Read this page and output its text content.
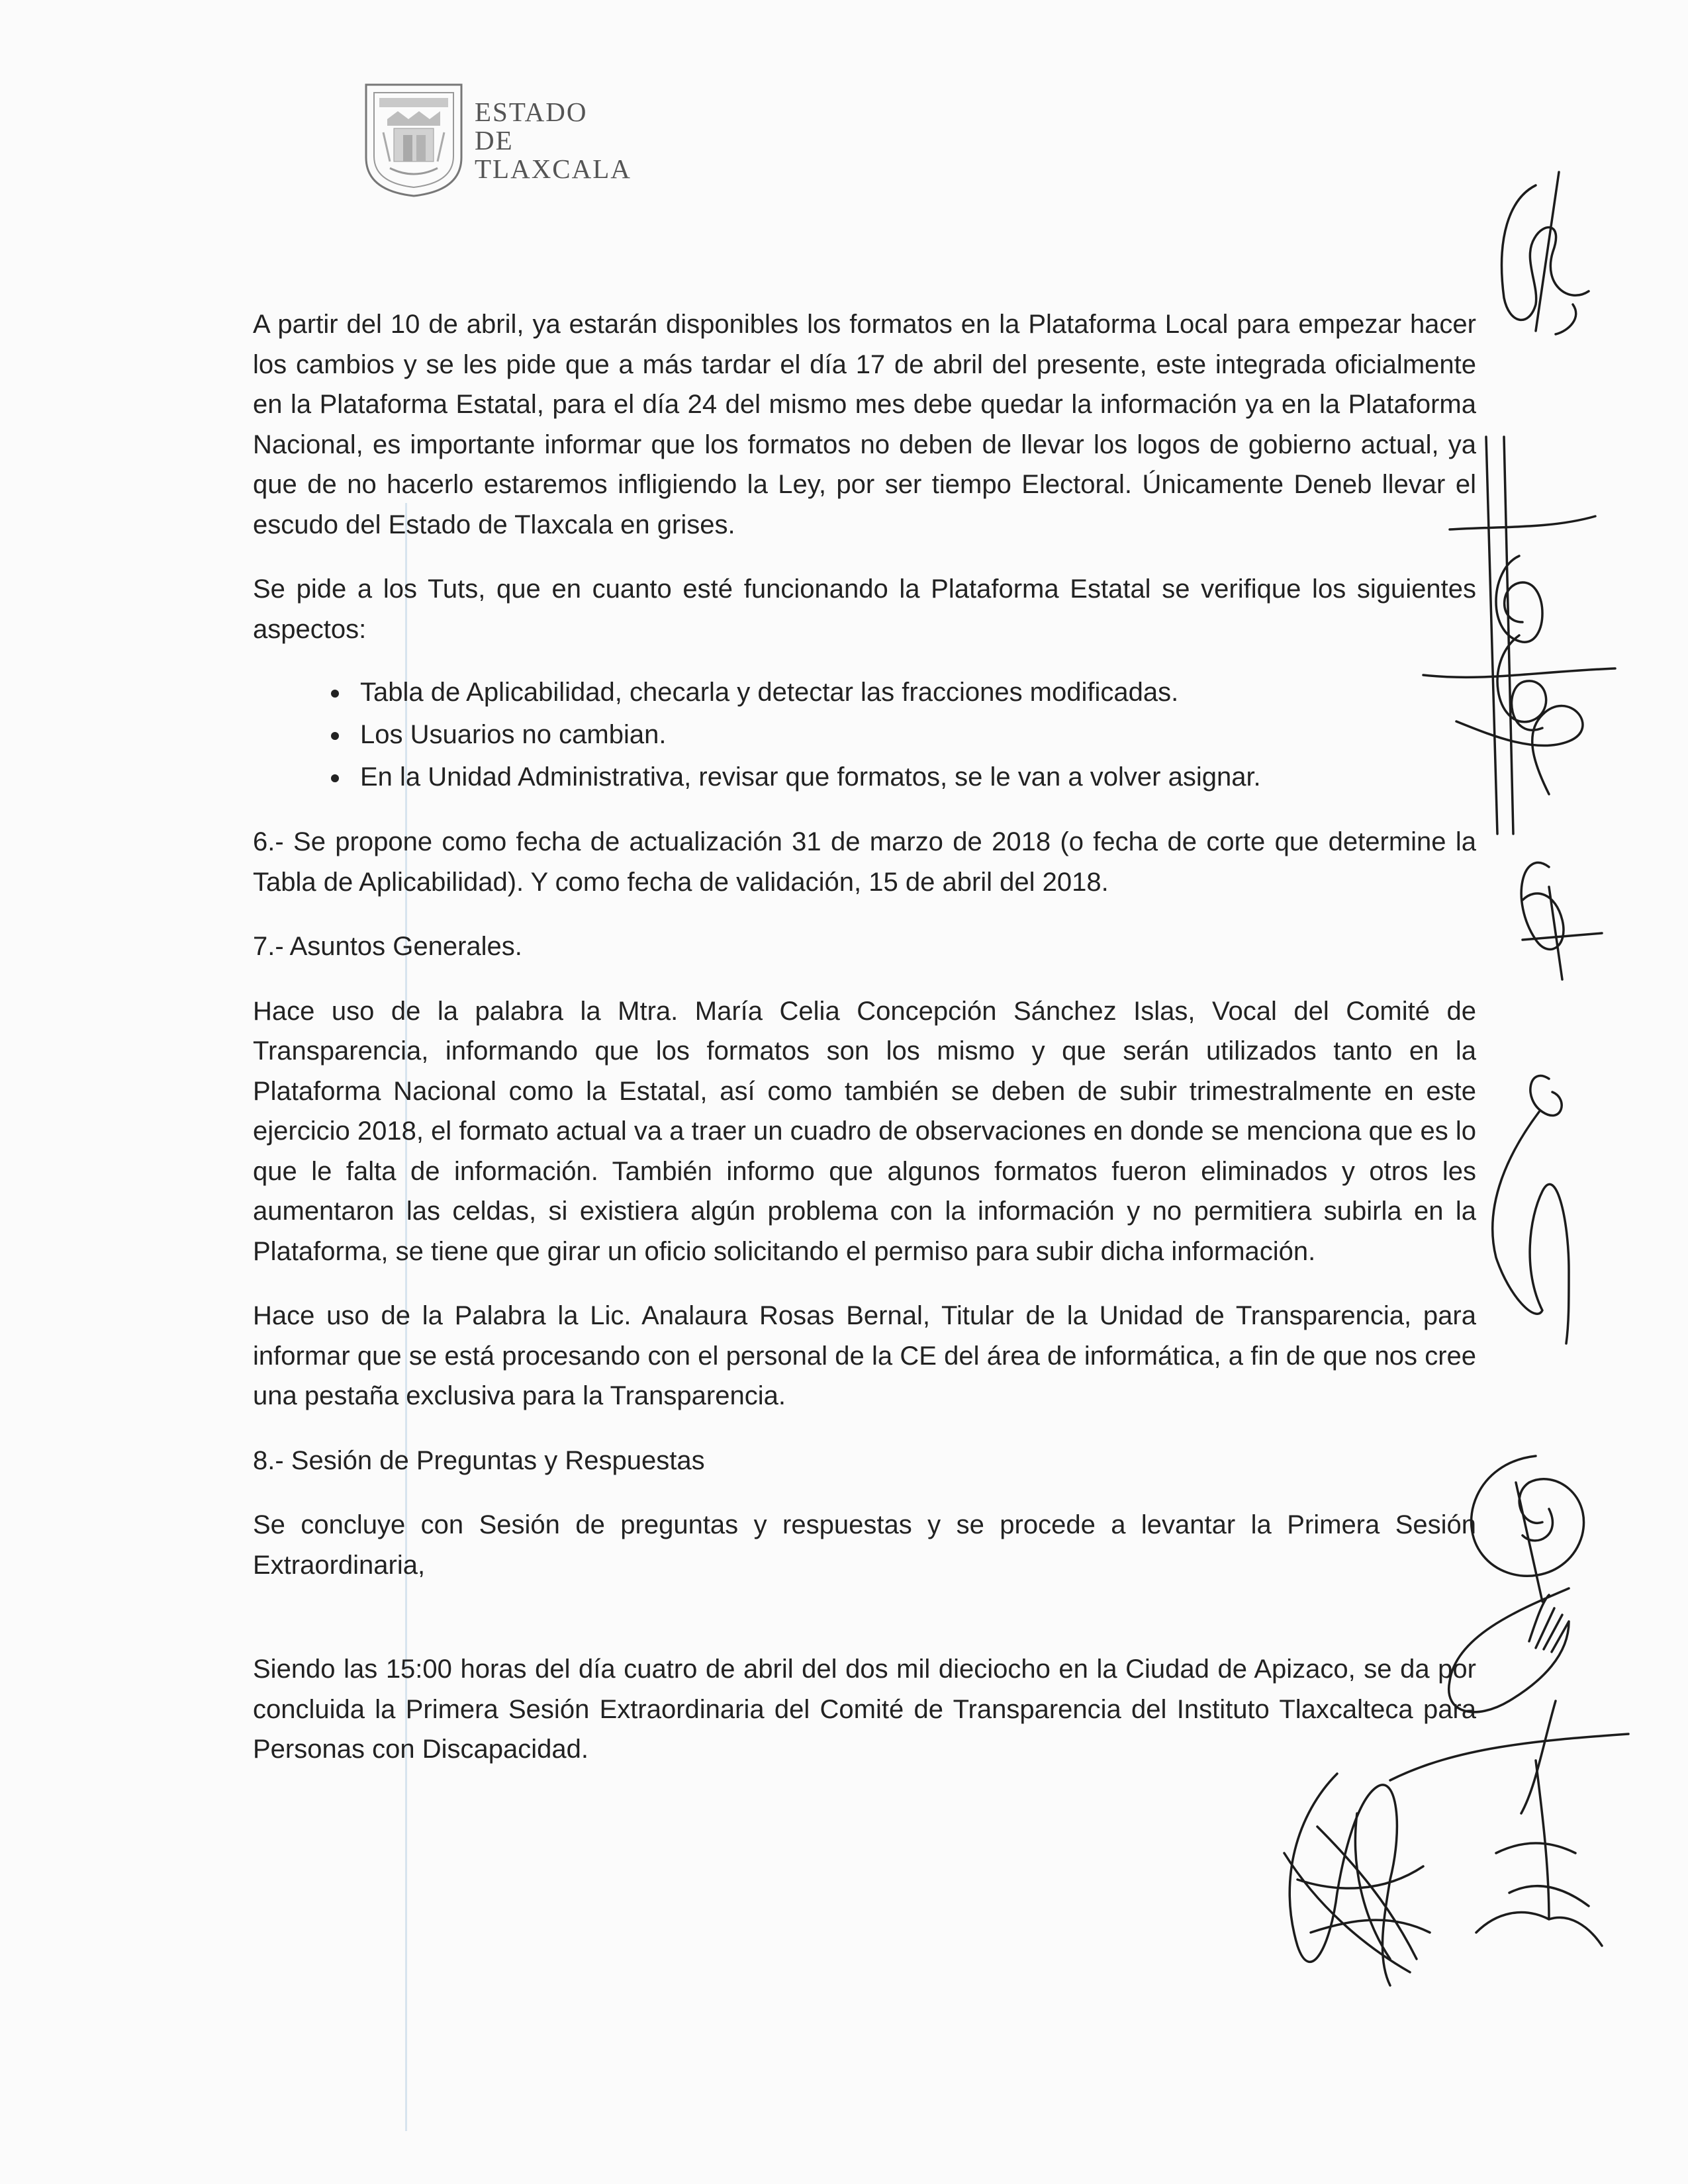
ESTADO
DE TLAXCALA

A partir del 10 de abril, ya estarán disponibles los formatos en la Plataforma Local para empezar hacer los cambios y se les pide que a más tardar el día 17 de abril del presente, este integrada oficialmente en la Plataforma Estatal, para el día 24 del mismo mes debe quedar la información ya en la Plataforma Nacional, es importante informar que los formatos no deben de llevar los logos de gobierno actual, ya que de no hacerlo estaremos infligiendo la Ley, por ser tiempo Electoral. Únicamente Deneb llevar el escudo del Estado de Tlaxcala en grises.

Se pide a los Tuts, que en cuanto esté funcionando la Plataforma Estatal se verifique los siguientes aspectos:

• Tabla de Aplicabilidad, checarla y detectar las fracciones modificadas.
• Los Usuarios no cambian.
• En la Unidad Administrativa, revisar que formatos, se le van a volver asignar.

6.- Se propone como fecha de actualización 31 de marzo de 2018 (o fecha de corte que determine la Tabla de Aplicabilidad). Y como fecha de validación, 15 de abril del 2018.

7.- Asuntos Generales.

Hace uso de la palabra la Mtra. María Celia Concepción Sánchez Islas, Vocal del Comité de Transparencia, informando que los formatos son los mismo y que serán utilizados tanto en la Plataforma Nacional como la Estatal, así como también se deben de subir trimestralmente en este ejercicio 2018, el formato actual va a traer un cuadro de observaciones en donde se menciona que es lo que le falta de información. También informo que algunos formatos fueron eliminados y otros les aumentaron las celdas, si existiera algún problema con la información y no permitiera subirla en la Plataforma, se tiene que girar un oficio solicitando el permiso para subir dicha información.

Hace uso de la Palabra la Lic. Analaura Rosas Bernal, Titular de la Unidad de Transparencia, para informar que se está procesando con el personal de la CE del área de informática, a fin de que nos cree una pestaña exclusiva para la Transparencia.

8.- Sesión de Preguntas y Respuestas

Se concluye con Sesión de preguntas y respuestas y se procede a levantar la Primera Sesión Extraordinaria,

Siendo las 15:00 horas del día cuatro de abril del dos mil dieciocho en la Ciudad de Apizaco, se da por concluida la Primera Sesión Extraordinaria del Comité de Transparencia del Instituto Tlaxcalteca para Personas con Discapacidad.
